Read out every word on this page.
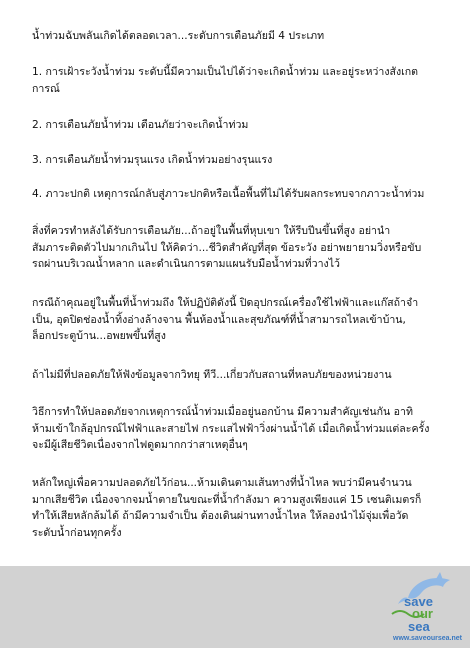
น้ำท่วมฉับพลันเกิดได้ตลอดเวลา...ระดับการเตือนภัยมี 4 ประเภท

1. การเฝ้าระวังน้ำท่วม ระดับนี้มีความเป็นไปได้ว่าจะเกิดน้ำท่วม และอยู่ระหว่างสังเกต
การณ์

2. การเตือนภัยน้ำท่วม เตือนภัยว่าจะเกิดน้ำท่วม

3. การเตือนภัยน้ำท่วมรุนแรง เกิดน้ำท่วมอย่างรุนแรง

4. ภาวะปกติ เหตุการณ์กลับสู่ภาวะปกติหรือเนื้อพื้นที่ไม่ได้รับผลกระทบจากภาวะน้ำท่วม

สิ่งที่ควรทำหลังได้รับการเตือนภัย...ถ้าอยู่ในพื้นที่หุบเขา ให้รีบปีนขึ้นที่สูง อย่านำ
สัมภาระติดตัวไปมากเกินไป ให้คิดว่า...ชีวิตสำคัญที่สุด ข้อระวัง อย่าพยายามวิ่งหรือขับ
รถผ่านบริเวณน้ำหลาก และดำเนินการตามแผนรับมือน้ำท่วมที่วางไว้

กรณีถ้าคุณอยู่ในพื้นที่น้ำท่วมถึง ให้ปฏิบัติดังนี้ ปิดอุปกรณ์เครื่องใช้ไฟฟ้าและแก๊สถ้าจำ
เป็น, อุดปิดช่องน้ำทิ้งอ่างล้างจาน พื้นห้องน้ำและสุขภัณฑ์ที่น้ำสามารถไหลเข้าบ้าน,
ล็อกประตูบ้าน...อพยพขึ้นที่สูง

ถ้าไม่มีที่ปลอดภัยให้ฟังข้อมูลจากวิทยุ ทีวี...เกี่ยวกับสถานที่หลบภัยของหน่วยงาน

วิธีการทำให้ปลอดภัยจากเหตุการณ์น้ำท่วมเมื่ออยู่นอกบ้าน มีความสำคัญเช่นกัน อาทิ
ห้ามเข้าใกล้อุปกรณ์ไฟฟ้าและสายไฟ กระแสไฟฟ้าวิ่งผ่านน้ำได้ เมื่อเกิดน้ำท่วมแต่ละครั้ง
จะมีผู้เสียชีวิตเนื่องจากไฟดูดมากกว่าสาเหตุอื่นๆ

หลักใหญ่เพื่อความปลอดภัยไว้ก่อน...ห้ามเดินตามเส้นทางที่น้ำไหล พบว่ามีคนจำนวน
มากเสียชีวิต เนื่องจากจมน้ำตายในขณะที่น้ำกำลังมา ความสูงเพียงแค่ 15 เซนติเมตรก็
ทำให้เสียหลักล้มได้ ถ้ามีความจำเป็น ต้องเดินผ่านทางน้ำไหล ให้ลองนำไม้จุ่มเพื่อวัด
ระดับน้ำก่อนทุกครั้ง

save
our
sea
www.saveoursea.net
